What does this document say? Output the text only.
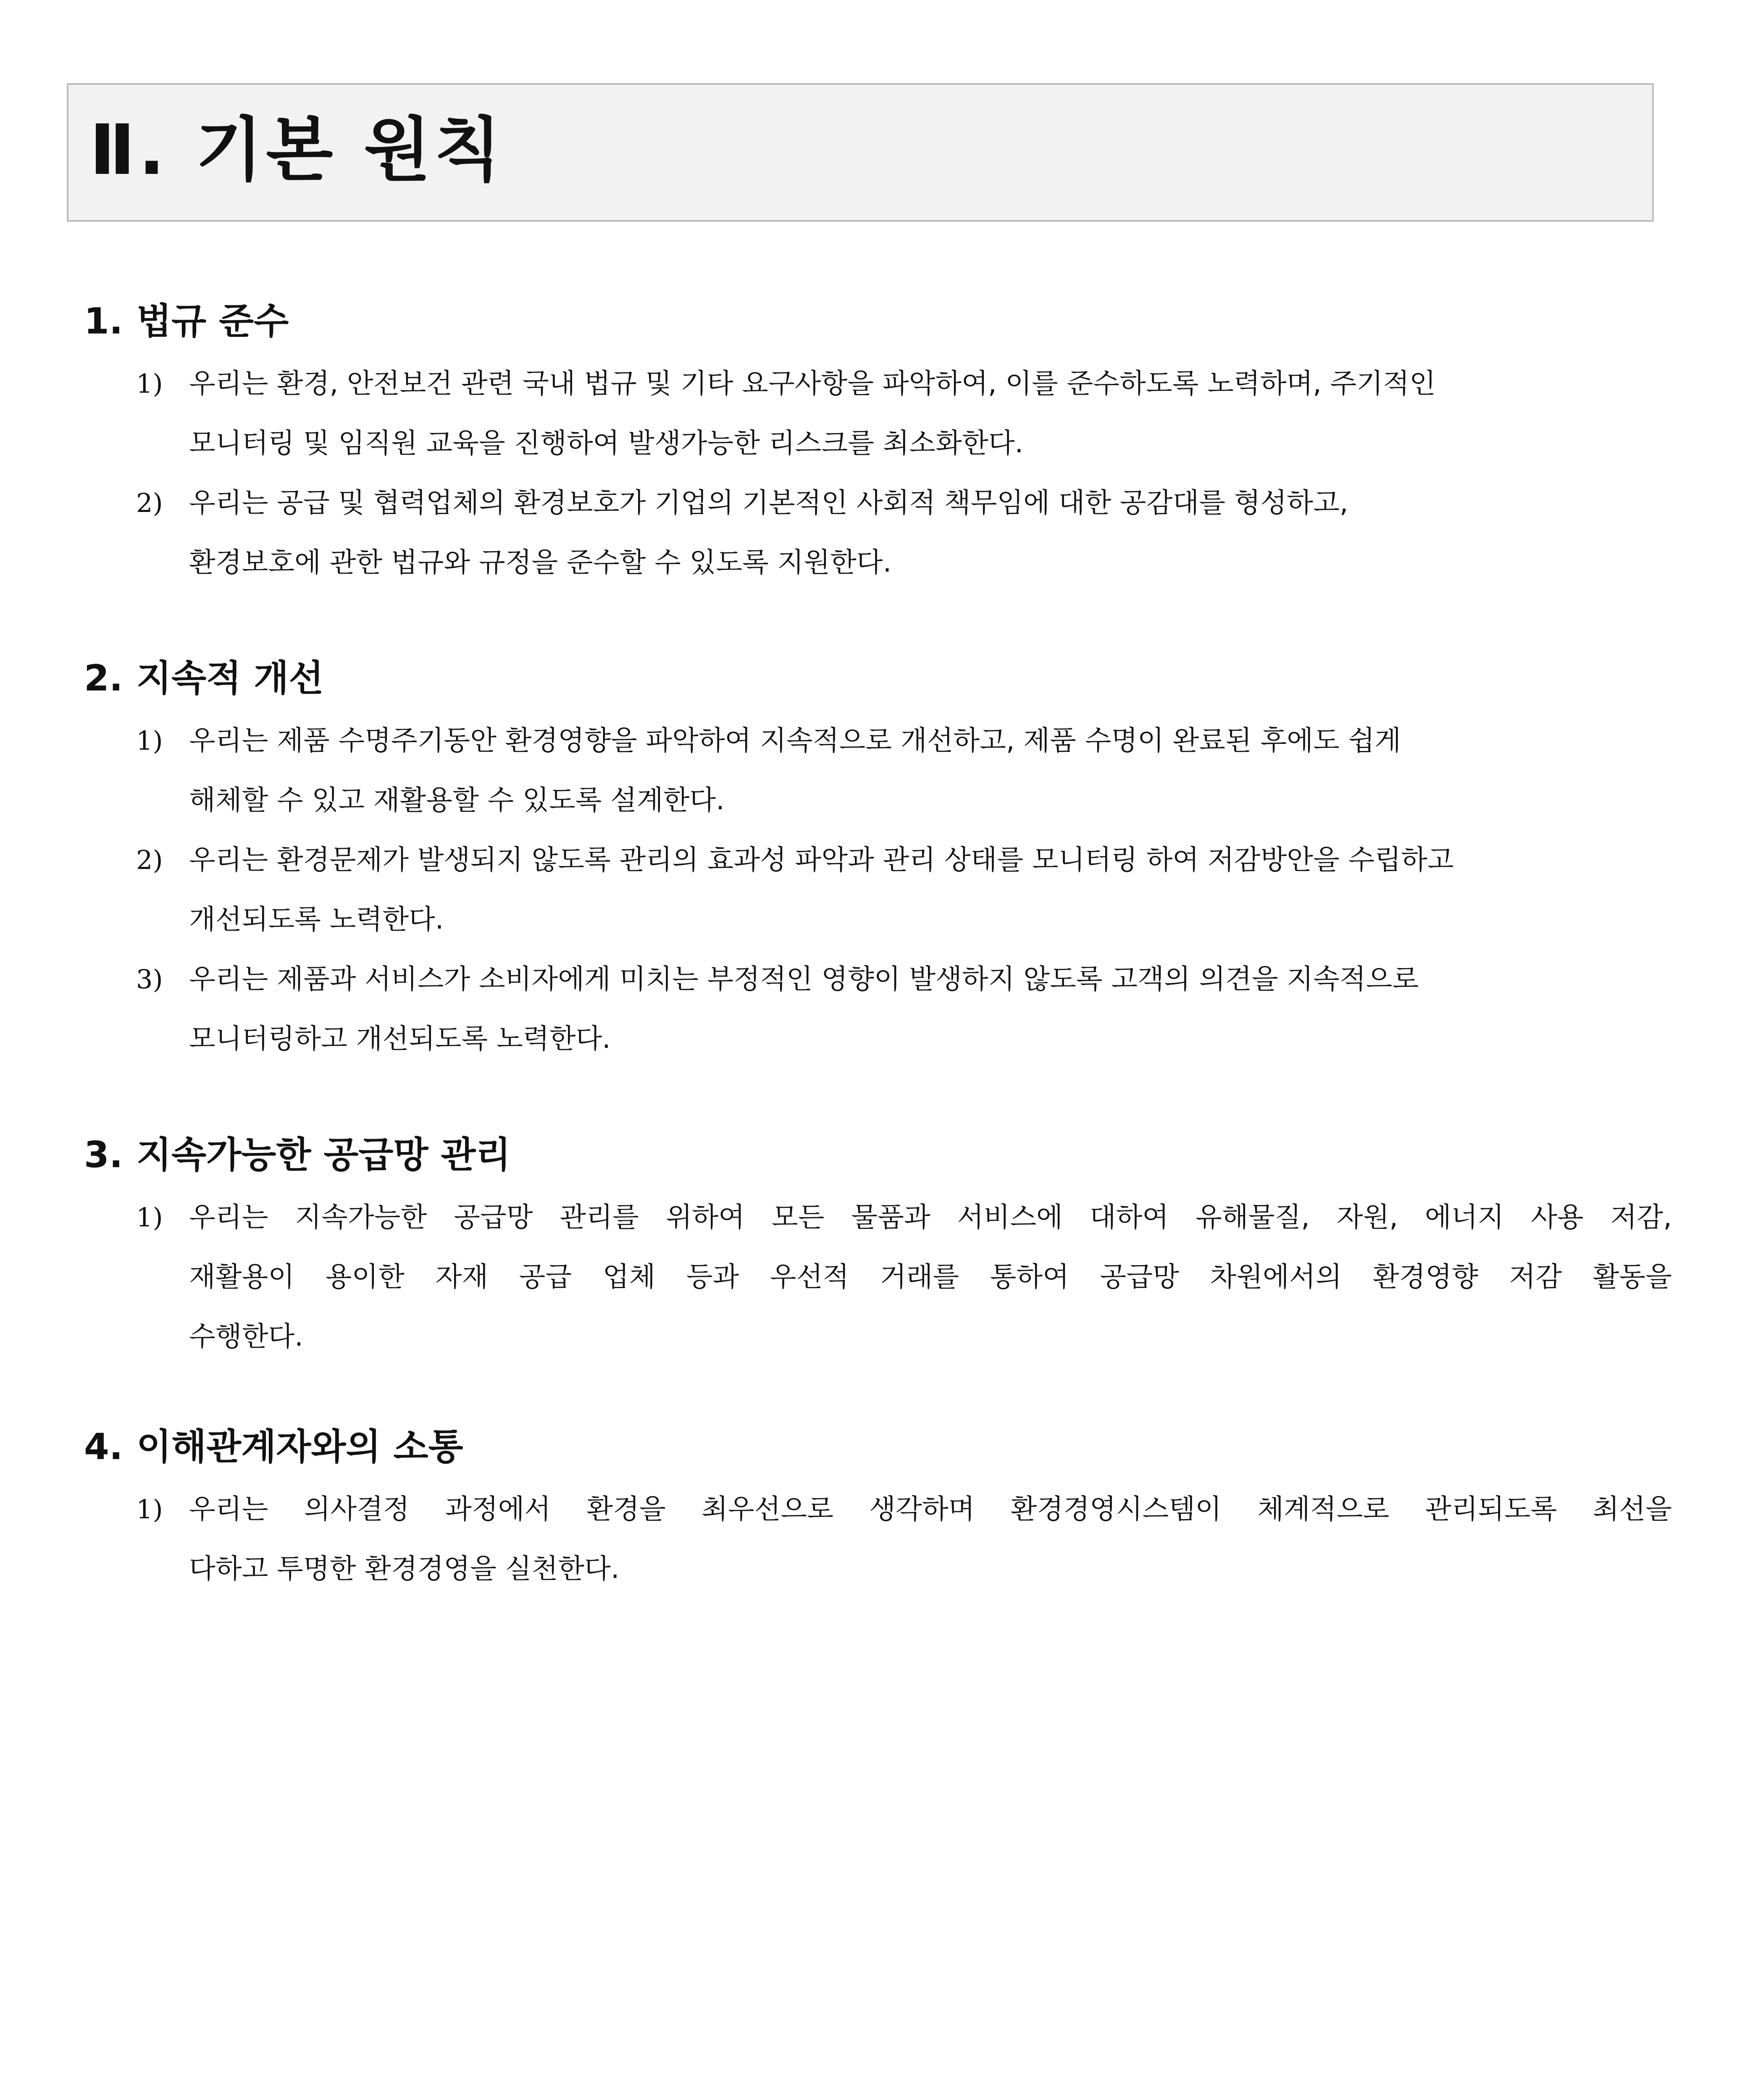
Ⅱ. 기본 원칙
1. 법규 준수
1) 우리는 환경, 안전보건 관련 국내 법규 및 기타 요구사항을 파악하여, 이를 준수하도록 노력하며, 주기적인
모니터링 및 임직원 교육을 진행하여 발생가능한 리스크를 최소화한다.
2) 우리는 공급 및 협력업체의 환경보호가 기업의 기본적인 사회적 책무임에 대한 공감대를 형성하고,
환경보호에 관한 법규와 규정을 준수할 수 있도록 지원한다.
2. 지속적 개선
1) 우리는 제품 수명주기동안 환경영향을 파악하여 지속적으로 개선하고, 제품 수명이 완료된 후에도 쉽게
해체할 수 있고 재활용할 수 있도록 설계한다.
2) 우리는 환경문제가 발생되지 않도록 관리의 효과성 파악과 관리 상태를 모니터링 하여 저감방안을 수립하고
개선되도록 노력한다.
3) 우리는 제품과 서비스가 소비자에게 미치는 부정적인 영향이 발생하지 않도록 고객의 의견을 지속적으로
모니터링하고 개선되도록 노력한다.
3. 지속가능한 공급망 관리
1) 우리는 지속가능한 공급망 관리를 위하여 모든 물품과 서비스에 대하여 유해물질, 자원, 에너지 사용 저감,
재활용이 용이한 자재 공급 업체 등과 우선적 거래를 통하여 공급망 차원에서의 환경영향 저감 활동을
수행한다.
4. 이해관계자와의 소통
1) 우리는 의사결정 과정에서 환경을 최우선으로 생각하며 환경경영시스템이 체계적으로 관리되도록 최선을
다하고 투명한 환경경영을 실천한다.
